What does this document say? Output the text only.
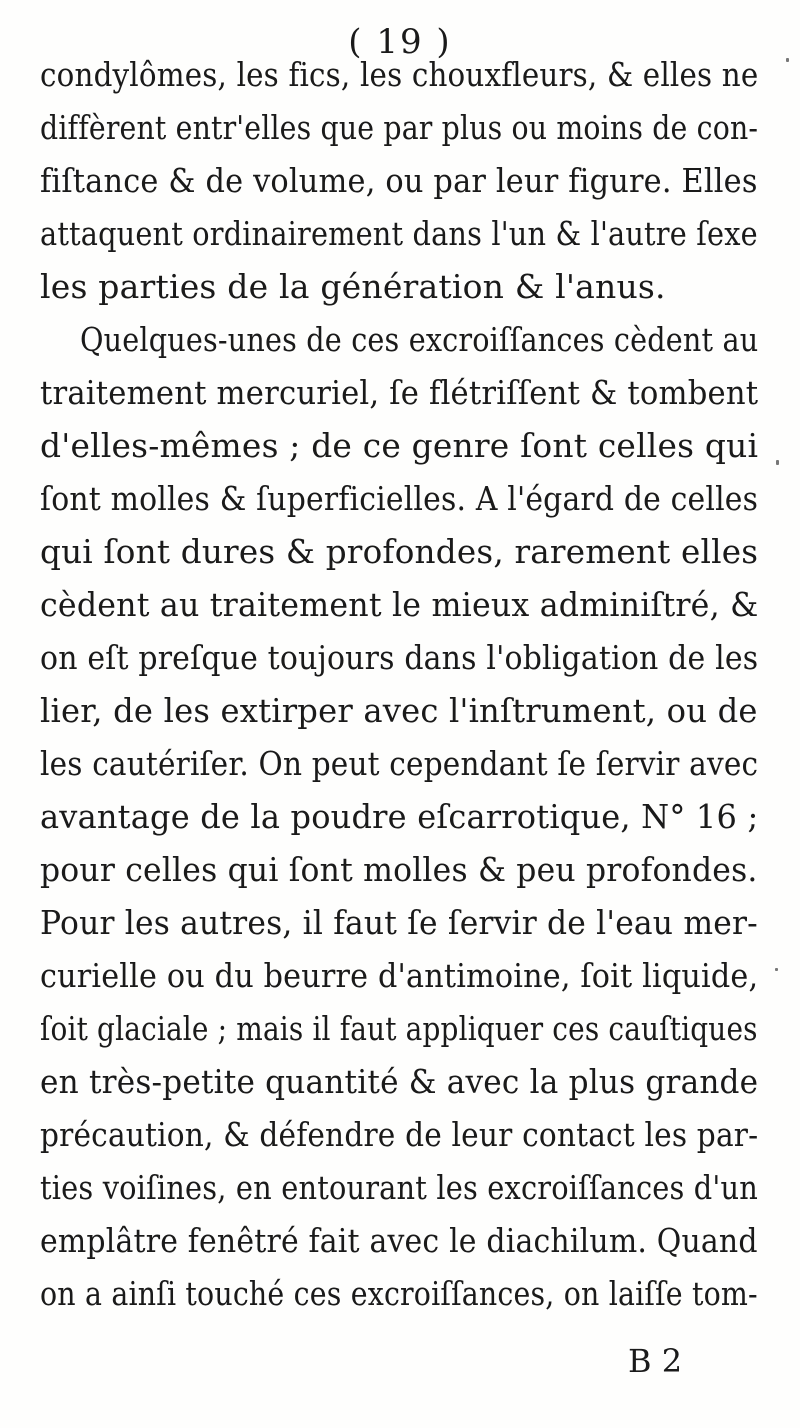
( 19 )
condylômes, les fics, les chouxfleurs, & elles ne
diffèrent entr'elles que par plus ou moins de con-
fiſtance & de volume, ou par leur figure. Elles
attaquent ordinairement dans l'un & l'autre ſexe
les parties de la génération & l'anus.
Quelques-unes de ces excroiſſances cèdent au
traitement mercuriel, ſe flétriſſent & tombent
d'elles-mêmes ; de ce genre ſont celles qui
ſont molles & ſuperficielles. A l'égard de celles
qui ſont dures & profondes, rarement elles
cèdent au traitement le mieux adminiſtré, &
on eſt preſque toujours dans l'obligation de les
lier, de les extirper avec l'inſtrument, ou de
les cautériſer. On peut cependant ſe ſervir avec
avantage de la poudre eſcarrotique, N° 16 ;
pour celles qui ſont molles & peu profondes.
Pour les autres, il faut ſe ſervir de l'eau mer-
curielle ou du beurre d'antimoine, ſoit liquide,
ſoit glaciale ; mais il faut appliquer ces cauſtiques
en très-petite quantité & avec la plus grande
précaution, & défendre de leur contact les par-
ties voiſines, en entourant les excroiſſances d'un
emplâtre fenêtré fait avec le diachilum. Quand
on a ainſi touché ces excroiſſances, on laiſſe tom-
B 2
